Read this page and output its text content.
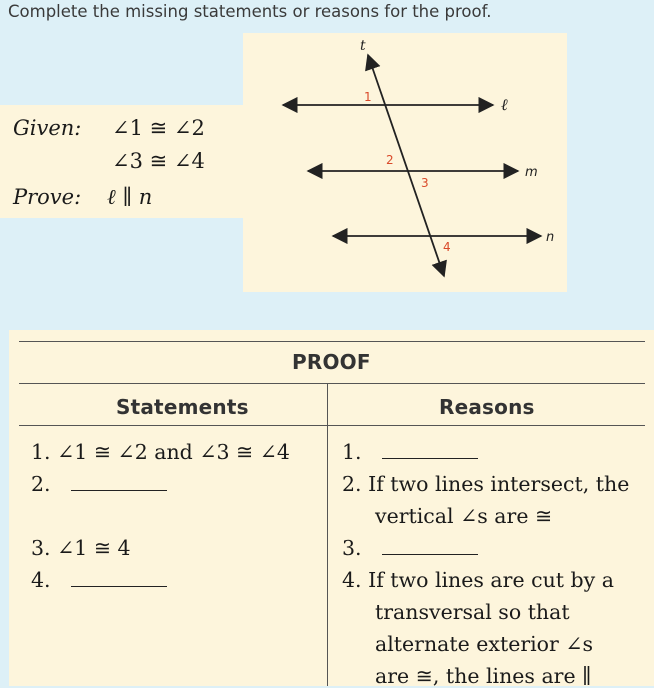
Complete the missing statements or reasons for the proof.
Given: ∠1 ≅ ∠2
∠3 ≅ ∠4
Prove: ℓ ∥ n
t
ℓ
m
n
1
2
3
4
PROOF
Statements	Reasons
1. ∠1 ≅ ∠2 and ∠3 ≅ ∠4
2.
3. ∠1 ≅ 4
4.
1.
2. If two lines intersect, the
vertical ∠s are ≅
3.
4. If two lines are cut by a
transversal so that
alternate exterior ∠s
are ≅, the lines are ∥
